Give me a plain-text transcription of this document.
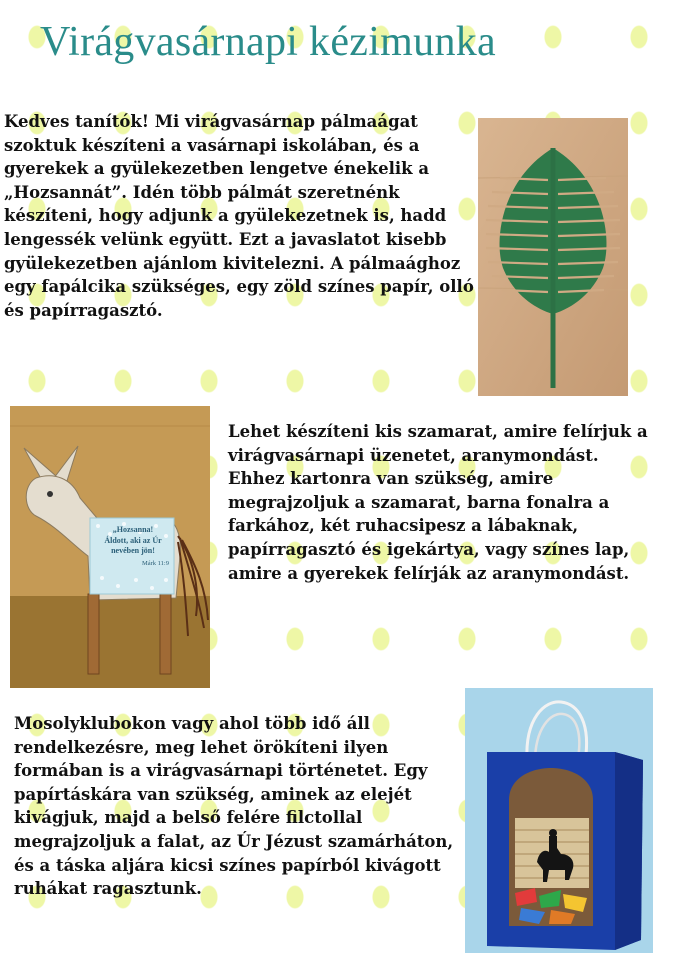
Virágvasárnapi kézimunka

Kedves tanítók! Mi virágvasárnap pálmaágat szoktuk készíteni a vasárnapi iskolában, és a gyerekek a gyülekezetben lengetve énekelik a „Hozsannát”. Idén több pálmát szeretnénk készíteni, hogy adjunk a gyülekezetnek is, hadd lengessék velünk együtt. Ezt a javaslatot kisebb gyülekezetben ajánlom kivitelezni. A pálmaághoz egy fapálcika szükséges, egy zöld színes papír, olló és papírragasztó.

„Hozsanna!
Áldott, aki az Úr
nevében jön!
Márk 11:9

Lehet készíteni kis szamarat, amire felírjuk a virágvasárnapi üzenetet, aranymondást. Ehhez kartonra van szükség, amire megrajzoljuk a szamarat, barna fonalra a farkához, két ruhacsipesz a lábaknak, papírragasztó és igekártya, vagy színes lap, amire a gyerekek felírják az aranymondást.

Mosolyklubokon vagy ahol több idő áll rendelkezésre, meg lehet örökíteni ilyen formában is a virágvasárnapi történetet. Egy papírtáskára van szükség, aminek az elejét kivágjuk, majd a belső felére filctollal megrajzoljuk a falat, az Úr Jézust szamárháton, és a táska aljára kicsi színes papírból kivágott ruhákat ragasztunk.
